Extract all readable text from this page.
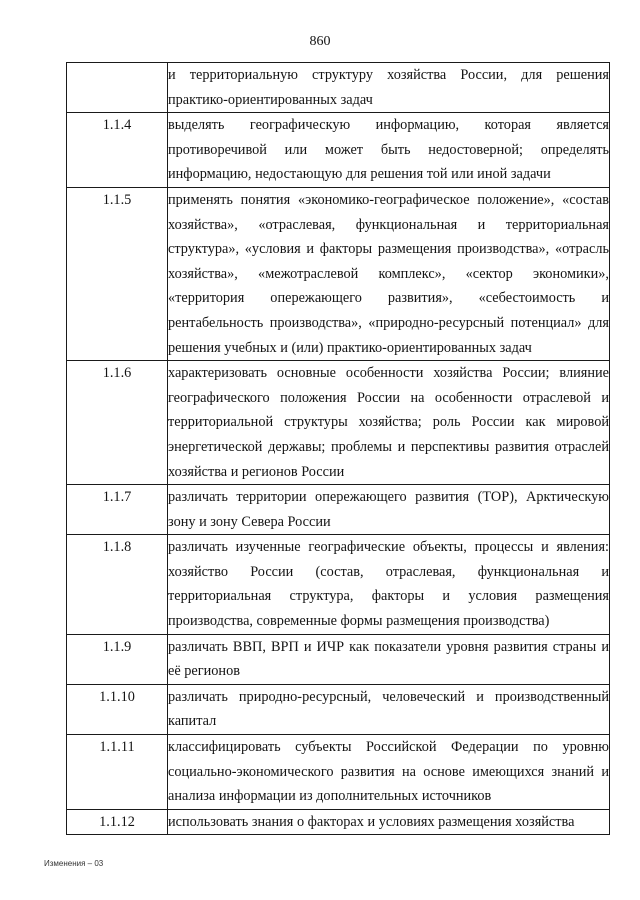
860
	и территориальную структуру хозяйства России, для решения практико-ориентированных задач
1.1.4	выделять географическую информацию, которая является противоречивой или может быть недостоверной; определять информацию, недостающую для решения той или иной задачи
1.1.5	применять понятия «экономико-географическое положение», «состав хозяйства», «отраслевая, функциональная и территориальная структура», «условия и факторы размещения производства», «отрасль хозяйства», «межотраслевой комплекс», «сектор экономики», «территория опережающего развития», «себестоимость и рентабельность производства», «природно-ресурсный потенциал» для решения учебных и (или) практико-ориентированных задач
1.1.6	характеризовать основные особенности хозяйства России; влияние географического положения России на особенности отраслевой и территориальной структуры хозяйства; роль России как мировой энергетической державы; проблемы и перспективы развития отраслей хозяйства и регионов России
1.1.7	различать территории опережающего развития (ТОР), Арктическую зону и зону Севера России
1.1.8	различать изученные географические объекты, процессы и явления: хозяйство России (состав, отраслевая, функциональная и территориальная структура, факторы и условия размещения производства, современные формы размещения производства)
1.1.9	различать ВВП, ВРП и ИЧР как показатели уровня развития страны и её регионов
1.1.10	различать природно-ресурсный, человеческий и производственный капитал
1.1.11	классифицировать субъекты Российской Федерации по уровню социально-экономического развития на основе имеющихся знаний и анализа информации из дополнительных источников
1.1.12	использовать знания о факторах и условиях размещения хозяйства
Изменения – 03
